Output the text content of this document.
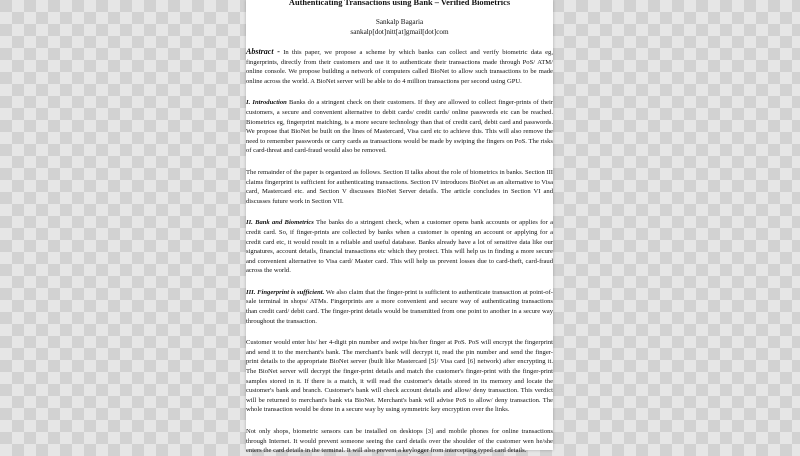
Authenticating Transactions using Bank – Verified Biometrics
Sankalp Bagaria
sankalp[dot]nitt[at]gmail[dot]com

Abstract - In this paper, we propose a scheme by which banks can collect and verify biometric data eg, fingerprints, directly from their customers and use it to authenticate their transactions made through PoS/ ATM/ online console. We propose building a network of computers called BioNet to allow such transactions to be made online across the world. A BioNet server will be able to do 4 million transactions per second using GPU.

I. Introduction Banks do a stringent check on their customers. If they are allowed to collect finger-prints of their customers, a secure and convenient alternative to debit cards/ credit cards/ online passwords etc can be reached. Biometrics eg, fingerprint matching, is a more secure technology than that of credit card, debit card and passwords. We propose that BioNet be built on the lines of Mastercard, Visa card etc to achieve this. This will also remove the need to remember passwords or carry cards as transactions would be made by swiping the fingers on PoS. The risks of card-threat and card-fraud would also be removed.

The remainder of the paper is organized as follows. Section II talks about the role of biometrics in banks. Section III claims fingerprint is sufficient for authenticating transactions. Section IV introduces BioNet as an alternative to Visa card, Mastercard etc. and Section V discusses BioNet Server details. The article concludes in Section VI and discusses future work in Section VII.

II. Bank and Biometrics The banks do a stringent check, when a customer opens bank accounts or applies for a credit card. So, if finger-prints are collected by banks when a customer is opening an account or applying for a credit card etc, it would result in a reliable and useful database. Banks already have a lot of sensitive data like our signatures, account details, financial transactions etc which they protect. This will help us in finding a more secure and convenient alternative to Visa card/ Master card. This will help us prevent losses due to card-theft, card-fraud across the world.

III. Fingerprint is sufficient. We also claim that the finger-print is sufficient to authenticate transaction at point-of-sale terminal in shops/ ATMs. Fingerprints are a more convenient and secure way of authenticating transactions than credit card/ debit card. The finger-print details would be transmitted from one point to another in a secure way throughout the transaction.

Customer would enter his/ her 4-digit pin number and swipe his/her finger at PoS. PoS will encrypt the fingerprint and send it to the merchant's bank. The merchant's bank will decrypt it, read the pin number and send the finger-print details to the appropriate BioNet server (built like Mastercard [5]/ Visa card [6] network) after encrypting it. The BioNet server will decrypt the finger-print details and match the customer's finger-print with the finger-print samples stored in it. If there is a match, it will read the customer's details stored in its memory and locate the customer's bank and branch. Customer's bank will check account details and allow/ deny transaction. This verdict will be returned to merchant's bank via BioNet. Merchant's bank will advise PoS to allow/ deny transaction. The whole transaction would be done in a secure way by using symmetric key encryption over the links.

Not only shops, biometric sensors can be installed on desktops [3] and mobile phones for online transactions through Internet. It would prevent someone seeing the card details over the shoulder of the customer wen he/she enters the card details in the terminal. It will also prevent a keylogger from intercepting typed card details.
